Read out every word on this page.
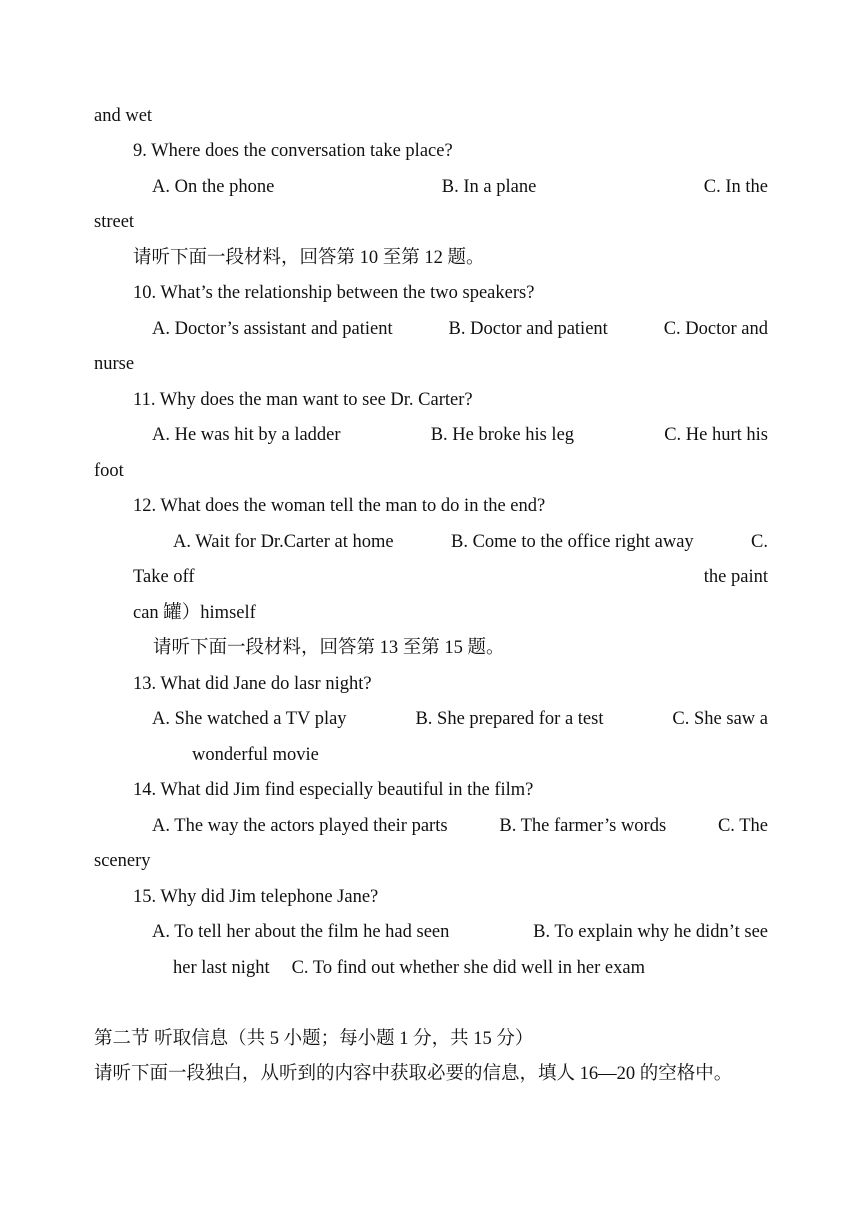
and wet
9. Where does the conversation take place?
A. On the phone	B. In a plane	C. In the
street
请听下面一段材料，回答第 10 至第 12 题。
10. What’s the relationship between the two speakers?
A. Doctor’s assistant and patient	B. Doctor and patient	C. Doctor and
nurse
11. Why does the man want to see Dr. Carter?
A. He was hit by a ladder	B. He broke his leg	C. He hurt his
foot
12. What does the woman tell the man to do in the end?
A. Wait for Dr.Carter at home	B. Come to the office right away	C.
Take off	the paint
can 罐）himself
请听下面一段材料，回答第 13 至第 15 题。
13. What did Jane do lasr night?
A. She watched a TV play	B. She prepared for a test	C. She saw a
wonderful movie
14. What did Jim find especially beautiful in the film?
A. The way the actors played their parts	B. The farmer’s words	C. The
scenery
15. Why did Jim telephone Jane?
A. To tell her about the film he had seen	B. To explain why he didn’t see
her last night C. To find out whether she did well in her exam
第二节 听取信息（共 5 小题；每小题 1 分，共 15 分）
请听下面一段独白，从听到的内容中获取必要的信息，填人 16—20 的空格中。
